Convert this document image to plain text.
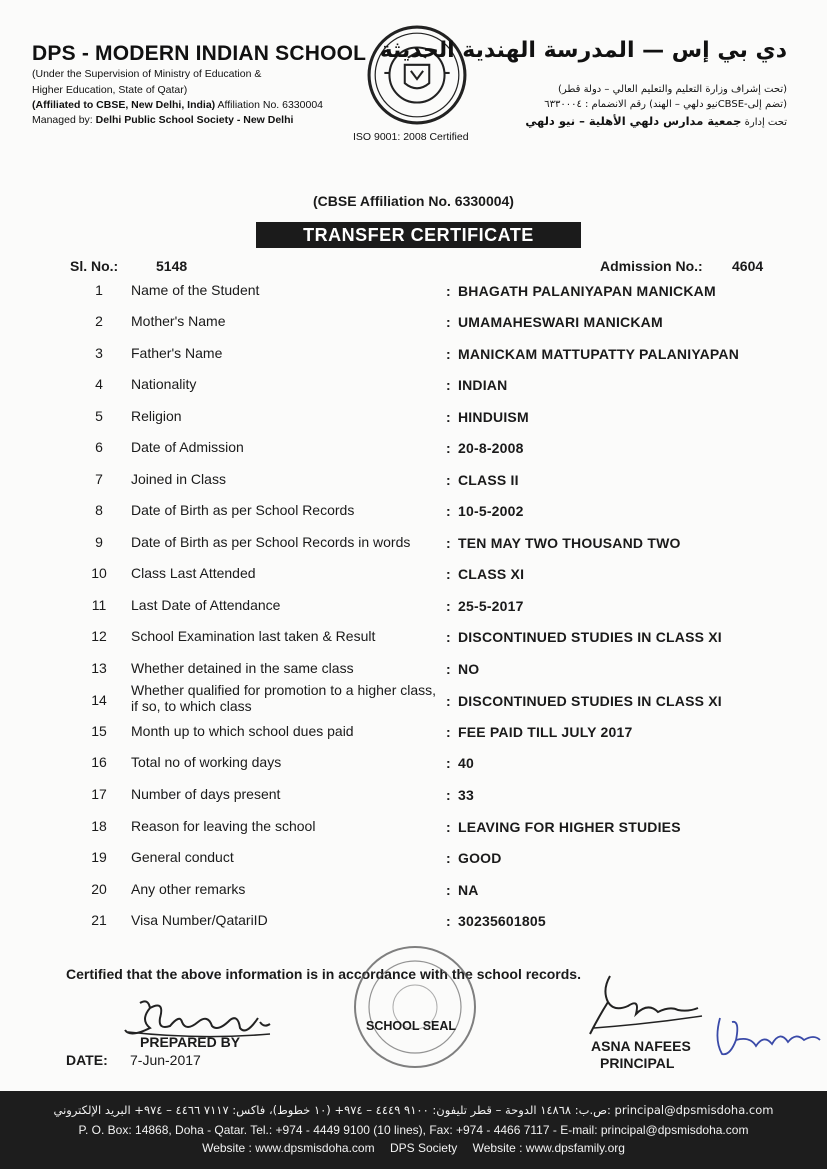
DPS - MODERN INDIAN SCHOOL
(Under the Supervision of Ministry of Education &
Higher Education, State of Qatar)
(Affiliated to CBSE, New Delhi, India) Affiliation No. 6330004
Managed by: Delhi Public School Society - New Delhi
ISO 9001: 2008 Certified
دي بي إس — المدرسة الهندية الحديثة
(تحت إشراف وزارة التعليم والتعليم العالي – دولة قطر)
(تضم إلى-CBSEنيو دلهي – الهند) رقم الانضمام : ٦٣٣٠٠٠٤
تحت إدارة جمعية مدارس دلهي الأهلية – نيو دلهي
(CBSE Affiliation No. 6330004)
TRANSFER CERTIFICATE
Sl. No.:	5148	Admission No.: 4604
1	Name of the Student	: BHAGATH PALANIYAPAN MANICKAM
2	Mother's Name	: UMAMAHESWARI MANICKAM
3	Father's Name	: MANICKAM MATTUPATTY PALANIYAPAN
4	Nationality	: INDIAN
5	Religion	: HINDUISM
6	Date of Admission	: 20-8-2008
7	Joined in Class	: CLASS II
8	Date of Birth as per School Records	: 10-5-2002
9	Date of Birth as per School Records in words	: TEN MAY TWO THOUSAND TWO
10	Class Last Attended	: CLASS XI
11	Last Date of Attendance	: 25-5-2017
12	School Examination last taken & Result	: DISCONTINUED STUDIES IN CLASS XI
13	Whether detained in the same class	: NO
14
Whether qualified for promotion to a higher class,
if so, to which class	: DISCONTINUED STUDIES IN CLASS XI
15	Month up to which school dues paid	: FEE PAID TILL JULY 2017
16	Total no of working days	: 40
17	Number of days present	: 33
18	Reason for leaving the school	: LEAVING FOR HIGHER STUDIES
19	General conduct	: GOOD
20	Any other remarks	: NA
21	Visa Number/QatariID	: 30235601805
Certified that the above information is in accordance with the school records.
SCHOOL SEAL
PREPARED BY
DATE: 7-Jun-2017
ASNA NAFEES
PRINCIPAL
ص.ب: ١٤٨٦٨ الدوحة – قطر تليفون: ٩١٠٠ ٤٤٤٩ – ٩٧٤+ (١٠ خطوط)، فاكس: ٧١١٧ ٤٤٦٦ – ٩٧٤+ البريد الإلكتروني: principal@dpsmisdoha.com
P. O. Box: 14868, Doha - Qatar. Tel.: +974 - 4449 9100 (10 lines), Fax: +974 - 4466 7117 - E-mail: principal@dpsmisdoha.com
Website : www.dpsmisdoha.com DPS Society Website : www.dpsfamily.org
